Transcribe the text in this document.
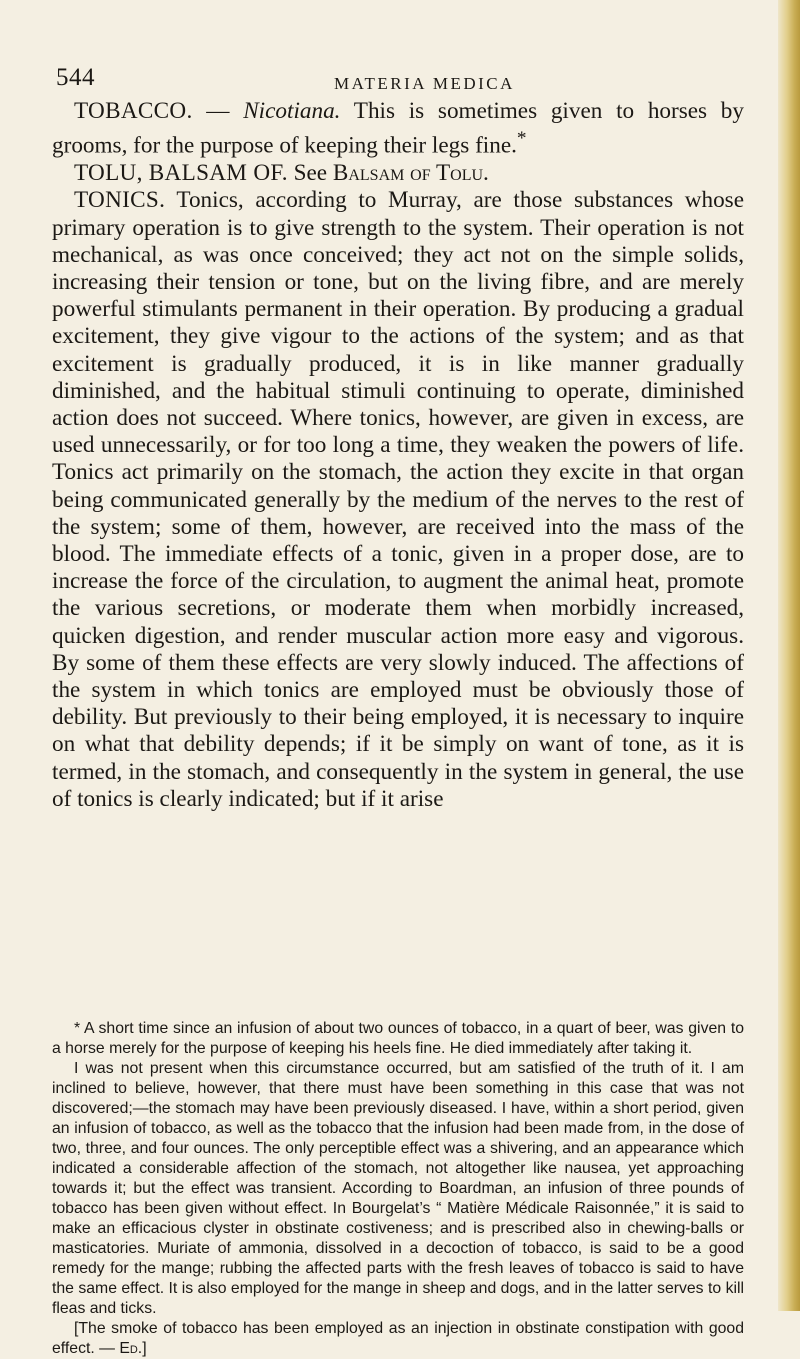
544	MATERIA MEDICA

TOBACCO. — Nicotiana. This is sometimes given to horses by grooms, for the purpose of keeping their legs fine.*

TOLU, BALSAM OF. See Balsam of Tolu.

TONICS. Tonics, according to Murray, are those substances whose primary operation is to give strength to the system. Their operation is not mechanical, as was once conceived; they act not on the simple solids, increasing their tension or tone, but on the living fibre, and are merely powerful stimulants permanent in their operation. By producing a gradual excitement, they give vigour to the actions of the system; and as that excitement is gradually produced, it is in like manner gradually diminished, and the habitual stimuli continuing to operate, diminished action does not succeed. Where tonics, however, are given in excess, are used unnecessarily, or for too long a time, they weaken the powers of life. Tonics act primarily on the stomach, the action they excite in that organ being communicated generally by the medium of the nerves to the rest of the system; some of them, however, are received into the mass of the blood. The immediate effects of a tonic, given in a proper dose, are to increase the force of the circulation, to augment the animal heat, promote the various secretions, or moderate them when morbidly increased, quicken digestion, and render muscular action more easy and vigorous. By some of them these effects are very slowly induced. The affections of the system in which tonics are employed must be obviously those of debility. But previously to their being employed, it is necessary to inquire on what that debility depends; if it be simply on want of tone, as it is termed, in the stomach, and consequently in the system in general, the use of tonics is clearly indicated; but if it arise

* A short time since an infusion of about two ounces of tobacco, in a quart of beer, was given to a horse merely for the purpose of keeping his heels fine. He died immediately after taking it.

I was not present when this circumstance occurred, but am satisfied of the truth of it. I am inclined to believe, however, that there must have been something in this case that was not discovered;—the stomach may have been previously diseased. I have, within a short period, given an infusion of tobacco, as well as the tobacco that the infusion had been made from, in the dose of two, three, and four ounces. The only perceptible effect was a shivering, and an appearance which indicated a considerable affection of the stomach, not altogether like nausea, yet approaching towards it; but the effect was transient. According to Boardman, an infusion of three pounds of tobacco has been given without effect. In Bourgelat’s “ Matière Médicale Raisonnée,” it is said to make an efficacious clyster in obstinate costiveness; and is prescribed also in chewing-balls or masticatories. Muriate of ammonia, dissolved in a decoction of tobacco, is said to be a good remedy for the mange; rubbing the affected parts with the fresh leaves of tobacco is said to have the same effect. It is also employed for the mange in sheep and dogs, and in the latter serves to kill fleas and ticks.

[The smoke of tobacco has been employed as an injection in obstinate constipation with good effect. — Ed.]
